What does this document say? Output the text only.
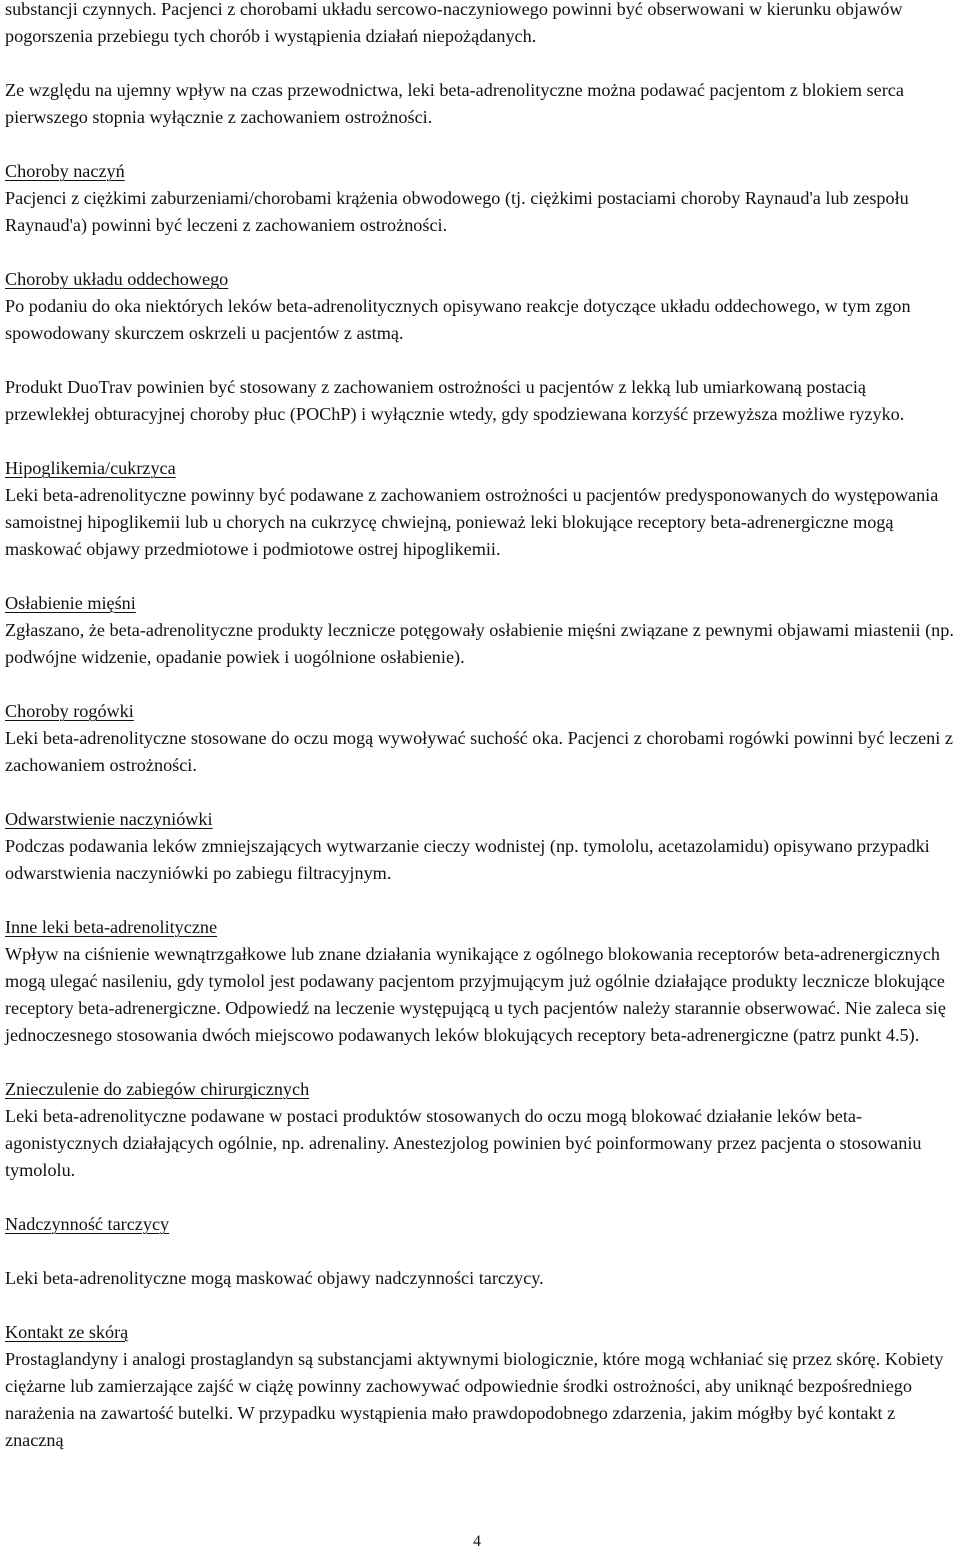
substancji czynnych. Pacjenci z chorobami układu sercowo-naczyniowego powinni być obserwowani w kierunku objawów pogorszenia przebiegu tych chorób i wystąpienia działań niepożądanych.

Ze względu na ujemny wpływ na czas przewodnictwa, leki beta-adrenolityczne można podawać pacjentom z blokiem serca pierwszego stopnia wyłącznie z zachowaniem ostrożności.

Choroby naczyń

Pacjenci z ciężkimi zaburzeniami/chorobami krążenia obwodowego (tj. ciężkimi postaciami choroby Raynaud'a lub zespołu Raynaud'a) powinni być leczeni z zachowaniem ostrożności.

Choroby układu oddechowego

Po podaniu do oka niektórych leków beta-adrenolitycznych opisywano reakcje dotyczące układu oddechowego, w tym zgon spowodowany skurczem oskrzeli u pacjentów z astmą.

Produkt DuoTrav powinien być stosowany z zachowaniem ostrożności u pacjentów z lekką lub umiarkowaną postacią przewlekłej obturacyjnej choroby płuc (POChP) i wyłącznie wtedy, gdy spodziewana korzyść przewyższa możliwe ryzyko.

Hipoglikemia/cukrzyca

Leki beta-adrenolityczne powinny być podawane z zachowaniem ostrożności u pacjentów predysponowanych do występowania samoistnej hipoglikemii lub u chorych na cukrzycę chwiejną, ponieważ leki blokujące receptory beta-adrenergiczne mogą maskować objawy przedmiotowe i podmiotowe ostrej hipoglikemii.

Osłabienie mięśni

Zgłaszano, że beta-adrenolityczne produkty lecznicze potęgowały osłabienie mięśni związane z pewnymi objawami miastenii (np. podwójne widzenie, opadanie powiek i uogólnione osłabienie).

Choroby rogówki

Leki beta-adrenolityczne stosowane do oczu mogą wywoływać suchość oka. Pacjenci z chorobami rogówki powinni być leczeni z zachowaniem ostrożności.

Odwarstwienie naczyniówki

Podczas podawania leków zmniejszających wytwarzanie cieczy wodnistej (np. tymololu, acetazolamidu) opisywano przypadki odwarstwienia naczyniówki po zabiegu filtracyjnym.

Inne leki beta-adrenolityczne

Wpływ na ciśnienie wewnątrzgałkowe lub znane działania wynikające z ogólnego blokowania receptorów beta-adrenergicznych mogą ulegać nasileniu, gdy tymolol jest podawany pacjentom przyjmującym już ogólnie działające produkty lecznicze blokujące receptory beta-adrenergiczne. Odpowiedź na leczenie występującą u tych pacjentów należy starannie obserwować. Nie zaleca się jednoczesnego stosowania dwóch miejscowo podawanych leków blokujących receptory beta-adrenergiczne (patrz punkt 4.5).

Znieczulenie do zabiegów chirurgicznych

Leki beta-adrenolityczne podawane w postaci produktów stosowanych do oczu mogą blokować działanie leków beta-agonistycznych działających ogólnie, np. adrenaliny. Anestezjolog powinien być poinformowany przez pacjenta o stosowaniu tymololu.

Nadczynność tarczycy

Leki beta-adrenolityczne mogą maskować objawy nadczynności tarczycy.

Kontakt ze skórą

Prostaglandyny i analogi prostaglandyn są substancjami aktywnymi biologicznie, które mogą wchłaniać się przez skórę. Kobiety ciężarne lub zamierzające zajść w ciążę powinny zachowywać odpowiednie środki ostrożności, aby uniknąć bezpośredniego narażenia na zawartość butelki. W przypadku wystąpienia mało prawdopodobnego zdarzenia, jakim mógłby być kontakt z znaczną

4
